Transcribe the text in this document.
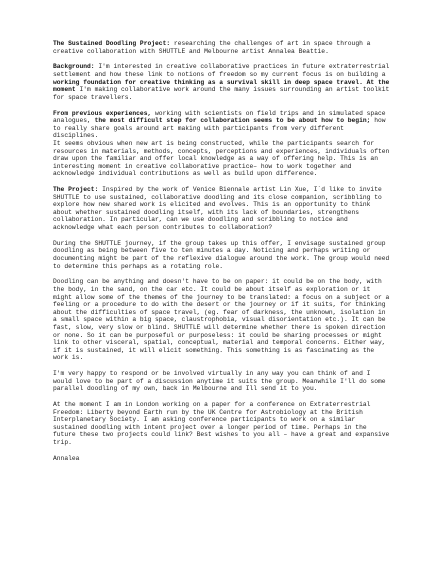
The Sustained Doodling Project: researching the challenges of art in space through a creative collaboration with SHUTTLE and Melbourne artist Annalea Beattie.

Background: I'm interested in creative collaborative practices in future extraterrestrial settlement and how these link to notions of freedom so my current focus is on building a working foundation for creative thinking as a survival skill in deep space travel. At the moment I'm making collaborative work around the many issues surrounding an artist toolkit for space travellers.

From previous experiences, working with scientists on field trips and in simulated space analogues, the most difficult step for collaboration seems to be about how to begin; how to really share goals around art making with participants from very different disciplines.
It seems obvious when new art is being constructed, while the participants search for resources in materials, methods, concepts, perceptions and experiences, individuals often draw upon the familiar and offer local knowledge as a way of offering help. This is an interesting moment in creative collaborative practice– how to work together and acknowledge individual contributions as well as build upon difference.

The Project: Inspired by the work of Venice Biennale artist Lin Xue, I`d like to invite SHUTTLE to use sustained, collaborative doodling and its close companion, scribbling to explore how new shared work is elicited and evolves. This is an opportunity to think about whether sustained doodling itself, with its lack of boundaries, strengthens collaboration. In particular, can we use doodling and scribbling to notice and acknowledge what each person contributes to collaboration?

During the SHUTTLE journey, if the group takes up this offer, I envisage sustained group doodling as being between five to ten minutes a day. Noticing and perhaps writing or documenting might be part of the reflexive dialogue around the work. The group would need to determine this perhaps as a rotating role.

Doodling can be anything and doesn't have to be on paper: it could be on the body, with the body, in the sand, on the car etc. It could be about itself as exploration or it might allow some of the themes of the journey to be translated: a focus on a subject or a feeling or a procedure to do with the desert or the journey or if it suits, for thinking about the difficulties of space travel, (eg. fear of darkness, the unknown, isolation in a small space within a big space, claustrophobia, visual disorientation etc.). It can be fast, slow, very slow or blind. SHUTTLE will determine whether there is spoken direction or none. So it can be purposeful or purposeless: it could be sharing processes or might link to other visceral, spatial, conceptual, material and temporal concerns. Either way, if it is sustained, it will elicit something. This something is as fascinating as the work is.

I'm very happy to respond or be involved virtually in any way you can think of and I would love to be part of a discussion anytime it suits the group. Meanwhile I'll do some parallel doodling of my own, back in Melbourne and Ill send it to you.

At the moment I am in London working on a paper for a conference on Extraterrestrial Freedom: Liberty beyond Earth run by the UK Centre for Astrobiology at the British Interplanetary Society. I am asking conference participants to work on a similar sustained doodling with intent project over a longer period of time. Perhaps in the future these two projects could link? Best wishes to you all – have a great and expansive trip.

Annalea
